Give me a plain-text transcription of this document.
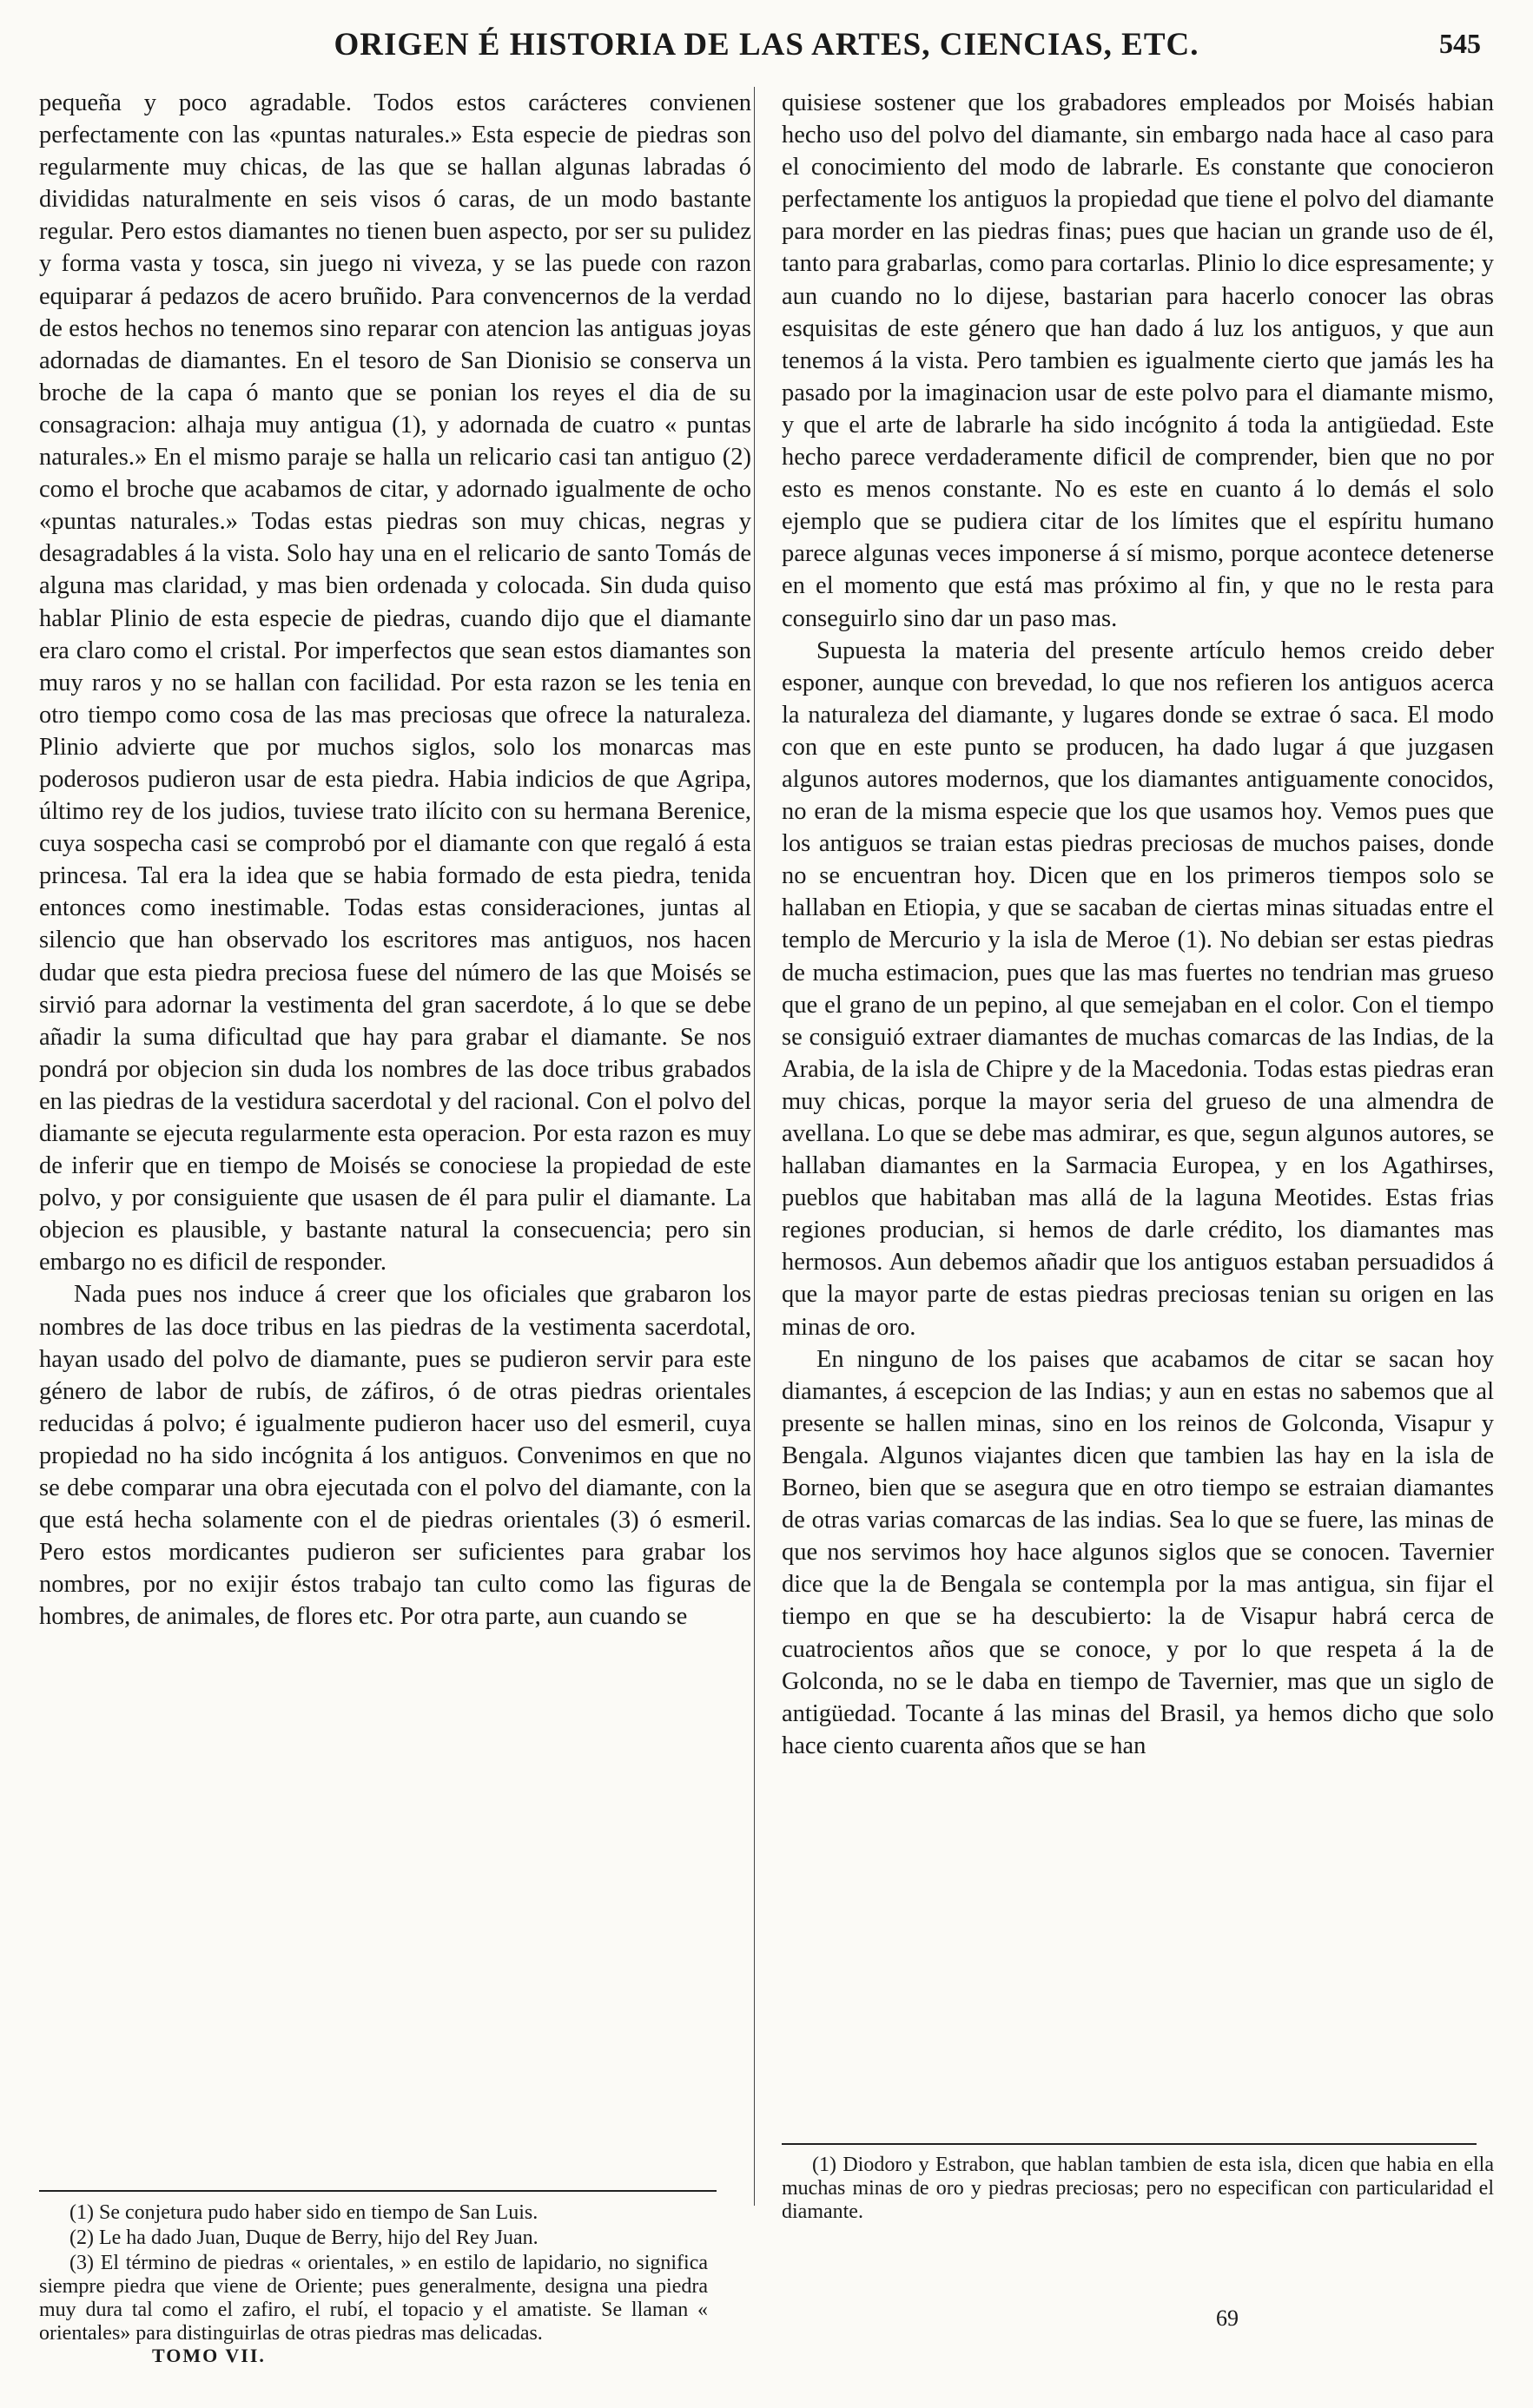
ORIGEN É HISTORIA DE LAS ARTES, CIENCIAS, ETC.	545

pequeña y poco agradable. Todos estos carácteres convienen perfectamente con las «puntas naturales.» Esta especie de piedras son regularmente muy chicas, de las que se hallan algunas labradas ó divididas naturalmente en seis visos ó caras, de un modo bastante regular. Pero estos diamantes no tienen buen aspecto, por ser su pulidez y forma vasta y tosca, sin juego ni viveza, y se las puede con razon equiparar á pedazos de acero bruñido. Para convencernos de la verdad de estos hechos no tenemos sino reparar con atencion las antiguas joyas adornadas de diamantes. En el tesoro de San Dionisio se conserva un broche de la capa ó manto que se ponian los reyes el dia de su consagracion: alhaja muy antigua (1), y adornada de cuatro « puntas naturales.» En el mismo paraje se halla un relicario casi tan antiguo (2) como el broche que acabamos de citar, y adornado igualmente de ocho «puntas naturales.» Todas estas piedras son muy chicas, negras y desagradables á la vista. Solo hay una en el relicario de santo Tomás de alguna mas claridad, y mas bien ordenada y colocada. Sin duda quiso hablar Plinio de esta especie de piedras, cuando dijo que el diamante era claro como el cristal. Por imperfectos que sean estos diamantes son muy raros y no se hallan con facilidad. Por esta razon se les tenia en otro tiempo como cosa de las mas preciosas que ofrece la naturaleza. Plinio advierte que por muchos siglos, solo los monarcas mas poderosos pudieron usar de esta piedra. Habia indicios de que Agripa, último rey de los judios, tuviese trato ilícito con su hermana Berenice, cuya sospecha casi se comprobó por el diamante con que regaló á esta princesa. Tal era la idea que se habia formado de esta piedra, tenida entonces como inestimable. Todas estas consideraciones, juntas al silencio que han observado los escritores mas antiguos, nos hacen dudar que esta piedra preciosa fuese del número de las que Moisés se sirvió para adornar la vestimenta del gran sacerdote, á lo que se debe añadir la suma dificultad que hay para grabar el diamante. Se nos pondrá por objecion sin duda los nombres de las doce tribus grabados en las piedras de la vestidura sacerdotal y del racional. Con el polvo del diamante se ejecuta regularmente esta operacion. Por esta razon es muy de inferir que en tiempo de Moisés se conociese la propiedad de este polvo, y por consiguiente que usasen de él para pulir el diamante. La objecion es plausible, y bastante natural la consecuencia; pero sin embargo no es dificil de responder.

Nada pues nos induce á creer que los oficiales que grabaron los nombres de las doce tribus en las piedras de la vestimenta sacerdotal, hayan usado del polvo de diamante, pues se pudieron servir para este género de labor de rubís, de záfiros, ó de otras piedras orientales reducidas á polvo; é igualmente pudieron hacer uso del esmeril, cuya propiedad no ha sido incógnita á los antiguos. Convenimos en que no se debe comparar una obra ejecutada con el polvo del diamante, con la que está hecha solamente con el de piedras orientales (3) ó esmeril. Pero estos mordicantes pudieron ser suficientes para grabar los nombres, por no exijir éstos trabajo tan culto como las figuras de hombres, de animales, de flores etc. Por otra parte, aun cuando se

quisiese sostener que los grabadores empleados por Moisés habian hecho uso del polvo del diamante, sin embargo nada hace al caso para el conocimiento del modo de labrarle. Es constante que conocieron perfectamente los antiguos la propiedad que tiene el polvo del diamante para morder en las piedras finas; pues que hacian un grande uso de él, tanto para grabarlas, como para cortarlas. Plinio lo dice espresamente; y aun cuando no lo dijese, bastarian para hacerlo conocer las obras esquisitas de este género que han dado á luz los antiguos, y que aun tenemos á la vista. Pero tambien es igualmente cierto que jamás les ha pasado por la imaginacion usar de este polvo para el diamante mismo, y que el arte de labrarle ha sido incógnito á toda la antigüedad. Este hecho parece verdaderamente dificil de comprender, bien que no por esto es menos constante. No es este en cuanto á lo demás el solo ejemplo que se pudiera citar de los límites que el espíritu humano parece algunas veces imponerse á sí mismo, porque acontece detenerse en el momento que está mas próximo al fin, y que no le resta para conseguirlo sino dar un paso mas.

Supuesta la materia del presente artículo hemos creido deber esponer, aunque con brevedad, lo que nos refieren los antiguos acerca la naturaleza del diamante, y lugares donde se extrae ó saca. El modo con que en este punto se producen, ha dado lugar á que juzgasen algunos autores modernos, que los diamantes antiguamente conocidos, no eran de la misma especie que los que usamos hoy. Vemos pues que los antiguos se traian estas piedras preciosas de muchos paises, donde no se encuentran hoy. Dicen que en los primeros tiempos solo se hallaban en Etiopia, y que se sacaban de ciertas minas situadas entre el templo de Mercurio y la isla de Meroe (1). No debian ser estas piedras de mucha estimacion, pues que las mas fuertes no tendrian mas grueso que el grano de un pepino, al que semejaban en el color. Con el tiempo se consiguió extraer diamantes de muchas comarcas de las Indias, de la Arabia, de la isla de Chipre y de la Macedonia. Todas estas piedras eran muy chicas, porque la mayor seria del grueso de una almendra de avellana. Lo que se debe mas admirar, es que, segun algunos autores, se hallaban diamantes en la Sarmacia Europea, y en los Agathirses, pueblos que habitaban mas allá de la laguna Meotides. Estas frias regiones producian, si hemos de darle crédito, los diamantes mas hermosos. Aun debemos añadir que los antiguos estaban persuadidos á que la mayor parte de estas piedras preciosas tenian su origen en las minas de oro.

En ninguno de los paises que acabamos de citar se sacan hoy diamantes, á escepcion de las Indias; y aun en estas no sabemos que al presente se hallen minas, sino en los reinos de Golconda, Visapur y Bengala. Algunos viajantes dicen que tambien las hay en la isla de Borneo, bien que se asegura que en otro tiempo se estraian diamantes de otras varias comarcas de las indias. Sea lo que se fuere, las minas de que nos servimos hoy hace algunos siglos que se conocen. Tavernier dice que la de Bengala se contempla por la mas antigua, sin fijar el tiempo en que se ha descubierto: la de Visapur habrá cerca de cuatrocientos años que se conoce, y por lo que respeta á la de Golconda, no se le daba en tiempo de Tavernier, mas que un siglo de antigüedad. Tocante á las minas del Brasil, ya hemos dicho que solo hace ciento cuarenta años que se han

(1) Se conjetura pudo haber sido en tiempo de San Luis.

(2) Le ha dado Juan, Duque de Berry, hijo del Rey Juan.

(3) El término de piedras « orientales, » en estilo de lapidario, no significa siempre piedra que viene de Oriente; pues generalmente, designa una piedra muy dura tal como el zafiro, el rubí, el topacio y el amatiste. Se llaman « orientales» para distinguirlas de otras piedras mas delicadas.

(1) Diodoro y Estrabon, que hablan tambien de esta isla, dicen que habia en ella muchas minas de oro y piedras preciosas; pero no especifican con particularidad el diamante.

TOMO VII.
69
